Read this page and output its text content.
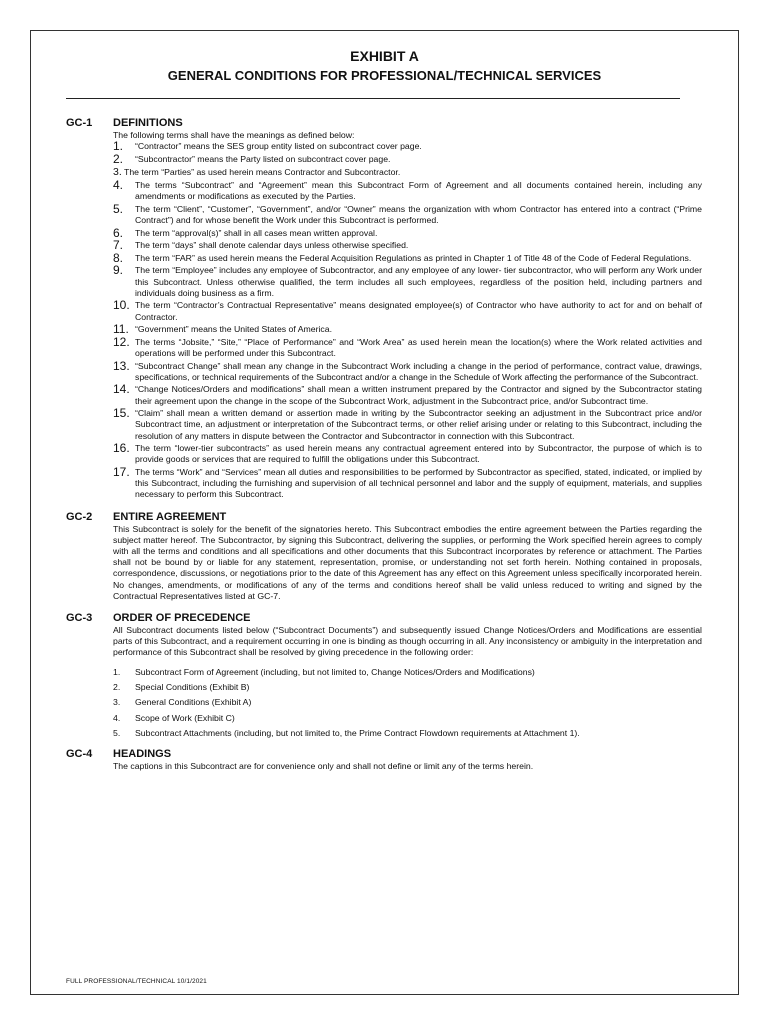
EXHIBIT A

GENERAL CONDITIONS FOR PROFESSIONAL/TECHNICAL SERVICES

GC-1 DEFINITIONS

The following terms shall have the meanings as defined below:

1. “Contractor” means the SES group entity listed on subcontract cover page.
2. “Subcontractor” means the Party listed on subcontract cover page.
3. The term “Parties” as used herein means Contractor and Subcontractor.
4. The terms “Subcontract” and “Agreement” mean this Subcontract Form of Agreement and all documents contained herein, including any amendments or modifications as executed by the Parties.
5. The term “Client”, “Customer”, “Government”, and/or “Owner” means the organization with whom Contractor has entered into a contract (“Prime Contract”) and for whose benefit the Work under this Subcontract is performed.
6. The term “approval(s)” shall in all cases mean written approval.
7. The term “days” shall denote calendar days unless otherwise specified.
8. The term “FAR” as used herein means the Federal Acquisition Regulations as printed in Chapter 1 of Title 48 of the Code of Federal Regulations.
9. The term “Employee” includes any employee of Subcontractor, and any employee of any lower- tier subcontractor, who will perform any Work under this Subcontract. Unless otherwise qualified, the term includes all such employees, regardless of the position held, including partners and individuals doing business as a firm.
10. The term “Contractor’s Contractual Representative” means designated employee(s) of Contractor who have authority to act for and on behalf of Contractor.
11. “Government” means the United States of America.
12. The terms “Jobsite,” “Site,” “Place of Performance” and “Work Area” as used herein mean the location(s) where the Work related activities and operations will be performed under this Subcontract.
13. “Subcontract Change” shall mean any change in the Subcontract Work including a change in the period of performance, contract value, drawings, specifications, or technical requirements of the Subcontract and/or a change in the Schedule of Work affecting the performance of the Subcontract.
14. “Change Notices/Orders and modifications” shall mean a written instrument prepared by the Contractor and signed by the Subcontractor stating their agreement upon the change in the scope of the Subcontract Work, adjustment in the Subcontract price, and/or Subcontract time.
15. “Claim” shall mean a written demand or assertion made in writing by the Subcontractor seeking an adjustment in the Subcontract price and/or Subcontract time, an adjustment or interpretation of the Subcontract terms, or other relief arising under or relating to this Subcontract, including the resolution of any matters in dispute between the Contractor and Subcontractor in connection with this Subcontract.
16. The term “lower-tier subcontracts” as used herein means any contractual agreement entered into by Subcontractor, the purpose of which is to provide goods or services that are required to fulfill the obligations under this Subcontract.
17. The terms “Work” and “Services” mean all duties and responsibilities to be performed by Subcontractor as specified, stated, indicated, or implied by this Subcontract, including the furnishing and supervision of all technical personnel and labor and the supply of equipment, materials, and supplies necessary to perform this Subcontract.
GC-2 ENTIRE AGREEMENT

This Subcontract is solely for the benefit of the signatories hereto. This Subcontract embodies the entire agreement between the Parties regarding the subject matter hereof. The Subcontractor, by signing this Subcontract, delivering the supplies, or performing the Work specified herein agrees to comply with all the terms and conditions and all specifications and other documents that this Subcontract incorporates by reference or attachment. The Parties shall not be bound by or liable for any statement, representation, promise, or understanding not set forth herein. Nothing contained in proposals, correspondence, discussions, or negotiations prior to the date of this Agreement has any effect on this Agreement unless specifically incorporated herein. No changes, amendments, or modifications of any of the terms and conditions hereof shall be valid unless reduced to writing and signed by the Contractual Representatives listed at GC-7.

GC-3 ORDER OF PRECEDENCE

All Subcontract documents listed below (“Subcontract Documents”) and subsequently issued Change Notices/Orders and Modifications are essential parts of this Subcontract, and a requirement occurring in one is binding as though occurring in all. Any inconsistency or ambiguity in the interpretation and performance of this Subcontract shall be resolved by giving precedence in the following order:

1. Subcontract Form of Agreement (including, but not limited to, Change Notices/Orders and Modifications)
2. Special Conditions (Exhibit B)
3. General Conditions (Exhibit A)
4. Scope of Work (Exhibit C)
5. Subcontract Attachments (including, but not limited to, the Prime Contract Flowdown requirements at Attachment 1).
GC-4 HEADINGS

The captions in this Subcontract are for convenience only and shall not define or limit any of the terms herein.

FULL PROFESSIONAL/TECHNICAL 10/1/2021
